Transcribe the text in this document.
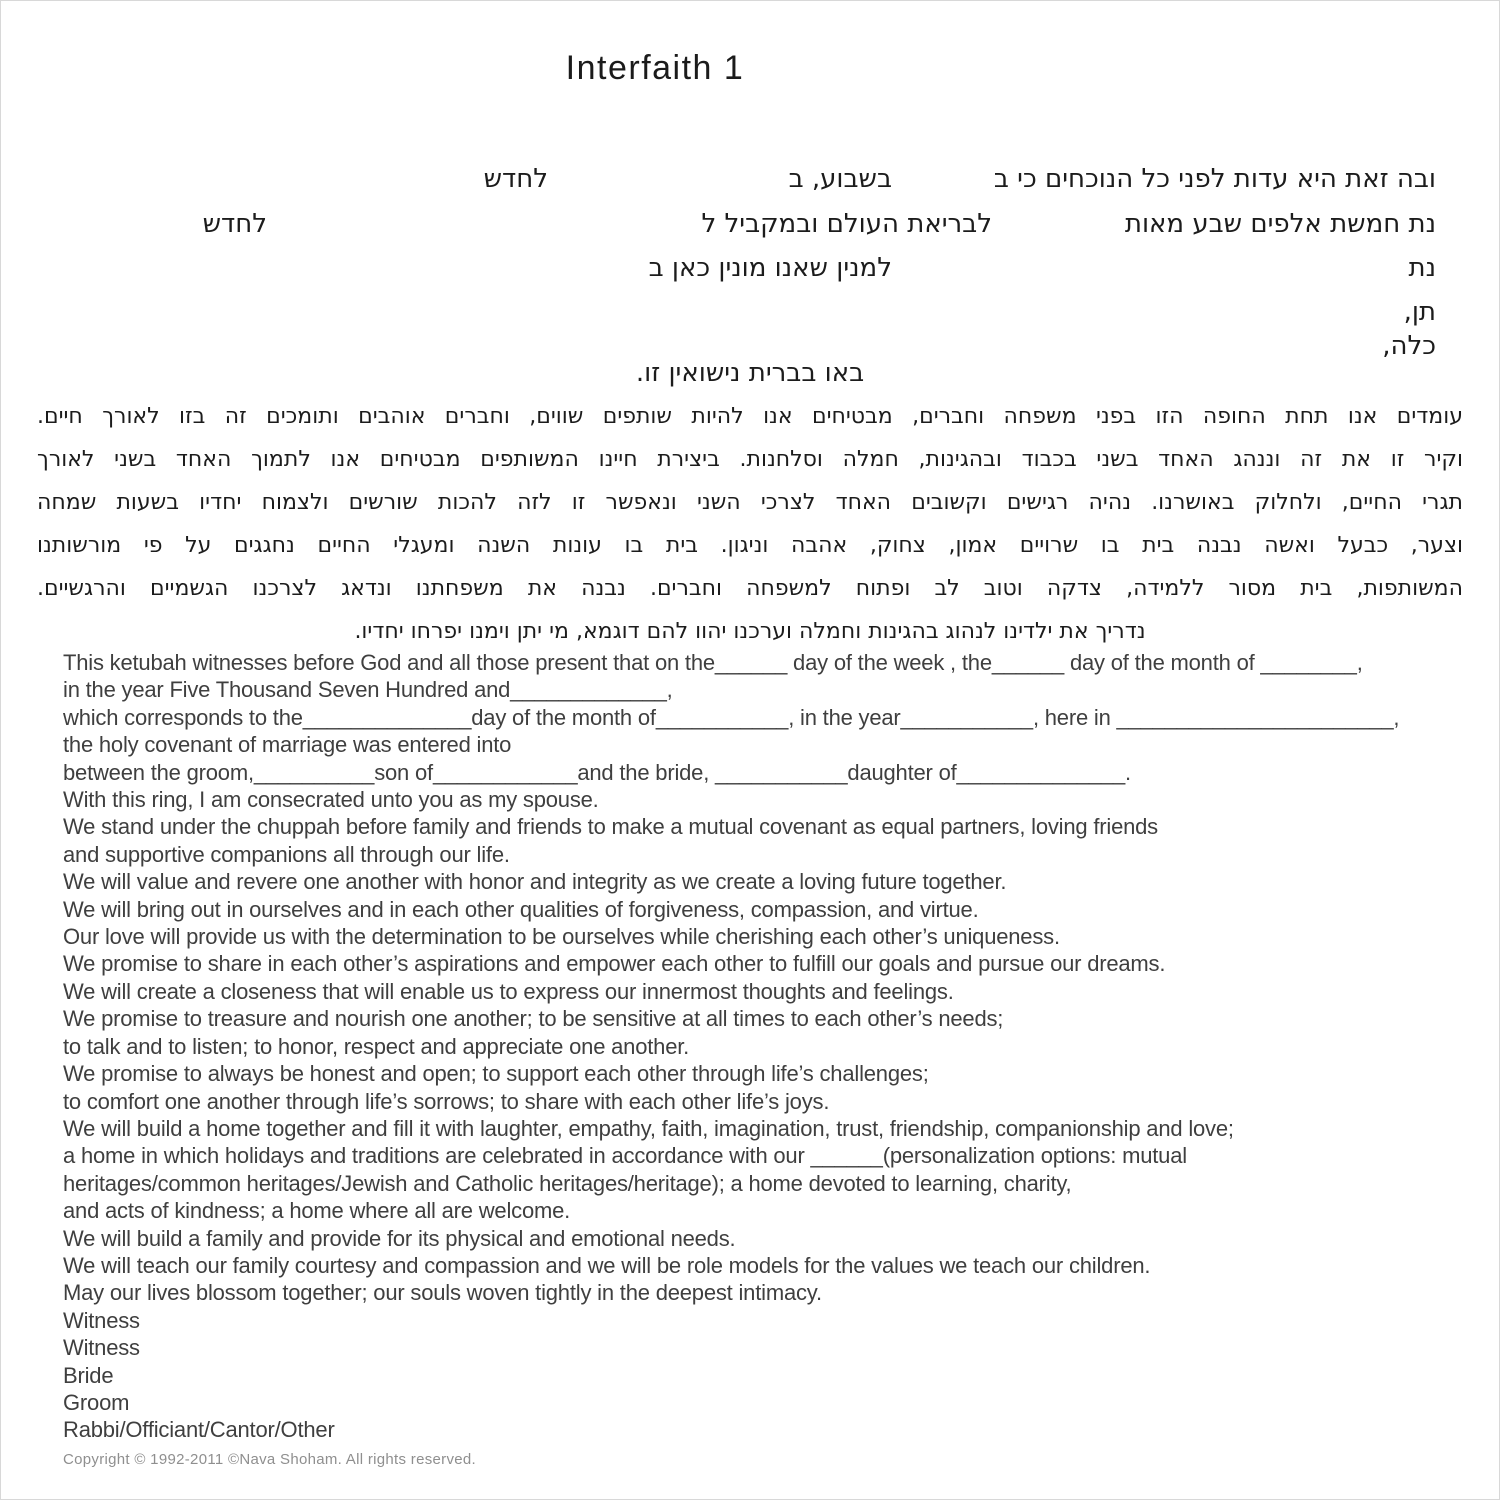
Interfaith 1
ובה זאת היא עדות לפני כל הנוכחים כי ב
בשבוע, ב
לחדש
נת חמשת אלפים שבע מאות
לבריאת העולם ובמקביל ל
לחדש
נת
למנין שאנו מונין כאן ב
תן,
כלה,
באו בברית נישואין זו.
עומדים אנו תחת החופה הזו בפני משפחה וחברים, מבטיחים אנו להיות שותפים שווים, וחברים אוהבים ותומכים זה בזו לאורך חיים.
וקיר זו את זה וננהג האחד בשני בכבוד ובהגינות, חמלה וסלחנות. ביצירת חיינו המשותפים מבטיחים אנו לתמוך האחד בשני לאורך
תגרי החיים, ולחלוק באושרנו. נהיה רגישים וקשובים האחד לצרכי השני ונאפשר זו לזה להכות שורשים ולצמוח יחדיו בשעות שמחה
וצער, כבעל ואשה נבנה בית בו שרויים אמון, צחוק, אהבה וניגון. בית בו עונות השנה ומעגלי החיים נחגגים על פי מורשותנו
המשותפות, בית מסור ללמידה, צדקה וטוב לב ופתוח למשפחה וחברים. נבנה את משפחתנו ונדאג לצרכנו הגשמיים והרגשיים.
נדריך את ילדינו לנהוג בהגינות וחמלה וערכנו יהוו להם דוגמא, מי יתן וימנו יפרחו יחדיו.
This ketubah witnesses before God and all those present that on the______ day of the week , the______ day of the month of ________,
in the year Five Thousand Seven Hundred and_____________,
which corresponds to the______________day of the month of___________, in the year___________, here in _______________________,
the holy covenant of marriage was entered into
between the groom,__________son of____________and the bride, ___________daughter of______________.
With this ring, I am consecrated unto you as my spouse.
We stand under the chuppah before family and friends to make a mutual covenant as equal partners, loving friends
and supportive companions all through our life.
We will value and revere one another with honor and integrity as we create a loving future together.
We will bring out in ourselves and in each other qualities of forgiveness, compassion, and virtue.
Our love will provide us with the determination to be ourselves while cherishing each other’s uniqueness.
We promise to share in each other’s aspirations and empower each other to fulfill our goals and pursue our dreams.
We will create a closeness that will enable us to express our innermost thoughts and feelings.
We promise to treasure and nourish one another; to be sensitive at all times to each other’s needs;
to talk and to listen; to honor, respect and appreciate one another.
We promise to always be honest and open; to support each other through life’s challenges;
to comfort one another through life’s sorrows; to share with each other life’s joys.
We will build a home together and fill it with laughter, empathy, faith, imagination, trust, friendship, companionship and love;
a home in which holidays and traditions are celebrated in accordance with our ______(personalization options: mutual
heritages/common heritages/Jewish and Catholic heritages/heritage); a home devoted to learning, charity,
and acts of kindness; a home where all are welcome.
We will build a family and provide for its physical and emotional needs.
We will teach our family courtesy and compassion and we will be role models for the values we teach our children.
May our lives blossom together; our souls woven tightly in the deepest intimacy.
Witness
Witness
Bride
Groom
Rabbi/Officiant/Cantor/Other
Copyright © 1992-2011 ©Nava Shoham. All rights reserved.
